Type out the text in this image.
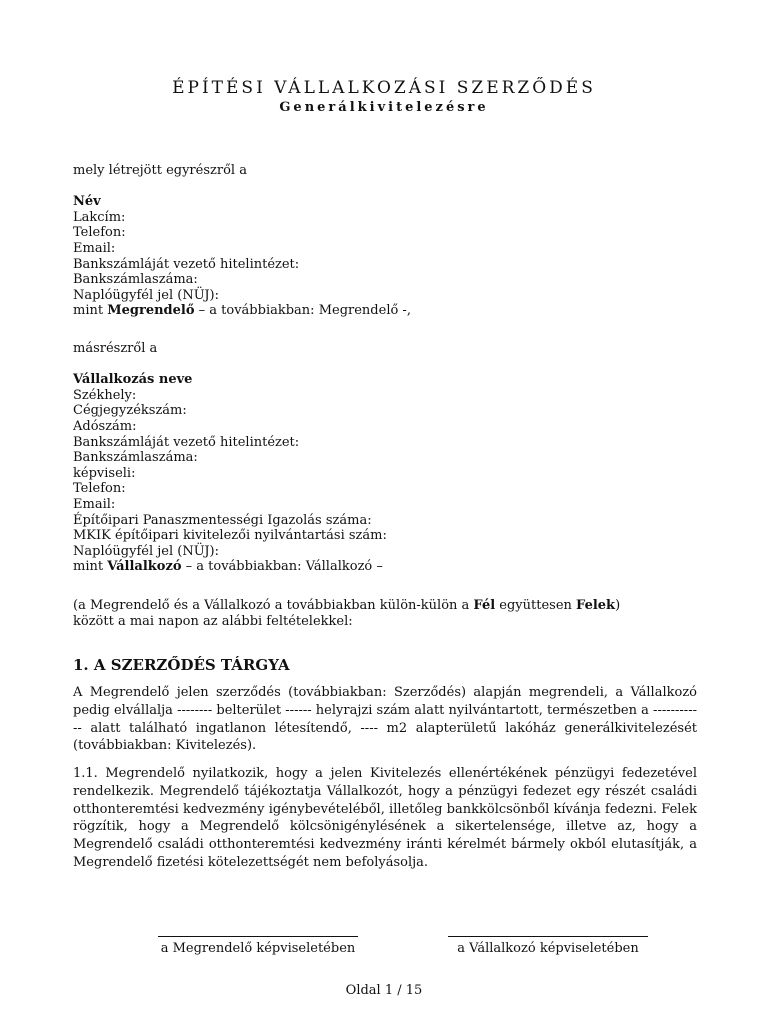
ÉPÍTÉSI VÁLLALKOZÁSI SZERZŐDÉS
Generálkivitelezésre
mely létrejött egyrészről a
Név
Lakcím:
Telefon:
Email:
Bankszámláját vezető hitelintézet:
Bankszámlaszáma:
Naplóügyfél jel (NÜJ):
mint Megrendelő – a továbbiakban: Megrendelő -,
másrészről a
Vállalkozás neve
Székhely:
Cégjegyzékszám:
Adószám:
Bankszámláját vezető hitelintézet:
Bankszámlaszáma:
képviseli:
Telefon:
Email:
Építőipari Panaszmentességi Igazolás száma:
MKIK építőipari kivitelezői nyilvántartási szám:
Naplóügyfél jel (NÜJ):
mint Vállalkozó – a továbbiakban: Vállalkozó –
(a Megrendelő és a Vállalkozó a továbbiakban külön-külön a Fél együttesen Felek)
között a mai napon az alábbi feltételekkel:
1. A SZERZŐDÉS TÁRGYA
A Megrendelő jelen szerződés (továbbiakban: Szerződés) alapján megrendeli, a Vállalkozó pedig elvállalja -------- belterület ------ helyrajzi szám alatt nyilvántartott, természetben a ------------ alatt található ingatlanon létesítendő, ---- m2 alapterületű lakóház generálkivitelezését (továbbiakban: Kivitelezés).
1.1. Megrendelő nyilatkozik, hogy a jelen Kivitelezés ellenértékének pénzügyi fedezetével rendelkezik. Megrendelő tájékoztatja Vállalkozót, hogy a pénzügyi fedezet egy részét családi otthonteremtési kedvezmény igénybevételéből, illetőleg bankkölcsönből kívánja fedezni. Felek rögzítik, hogy a Megrendelő kölcsönigénylésének a sikertelensége, illetve az, hogy a Megrendelő családi otthonteremtési kedvezmény iránti kérelmét bármely okból elutasítják, a Megrendelő fizetési kötelezettségét nem befolyásolja.
a Megrendelő képviseletében	a Vállalkozó képviseletében
Oldal 1 / 15
